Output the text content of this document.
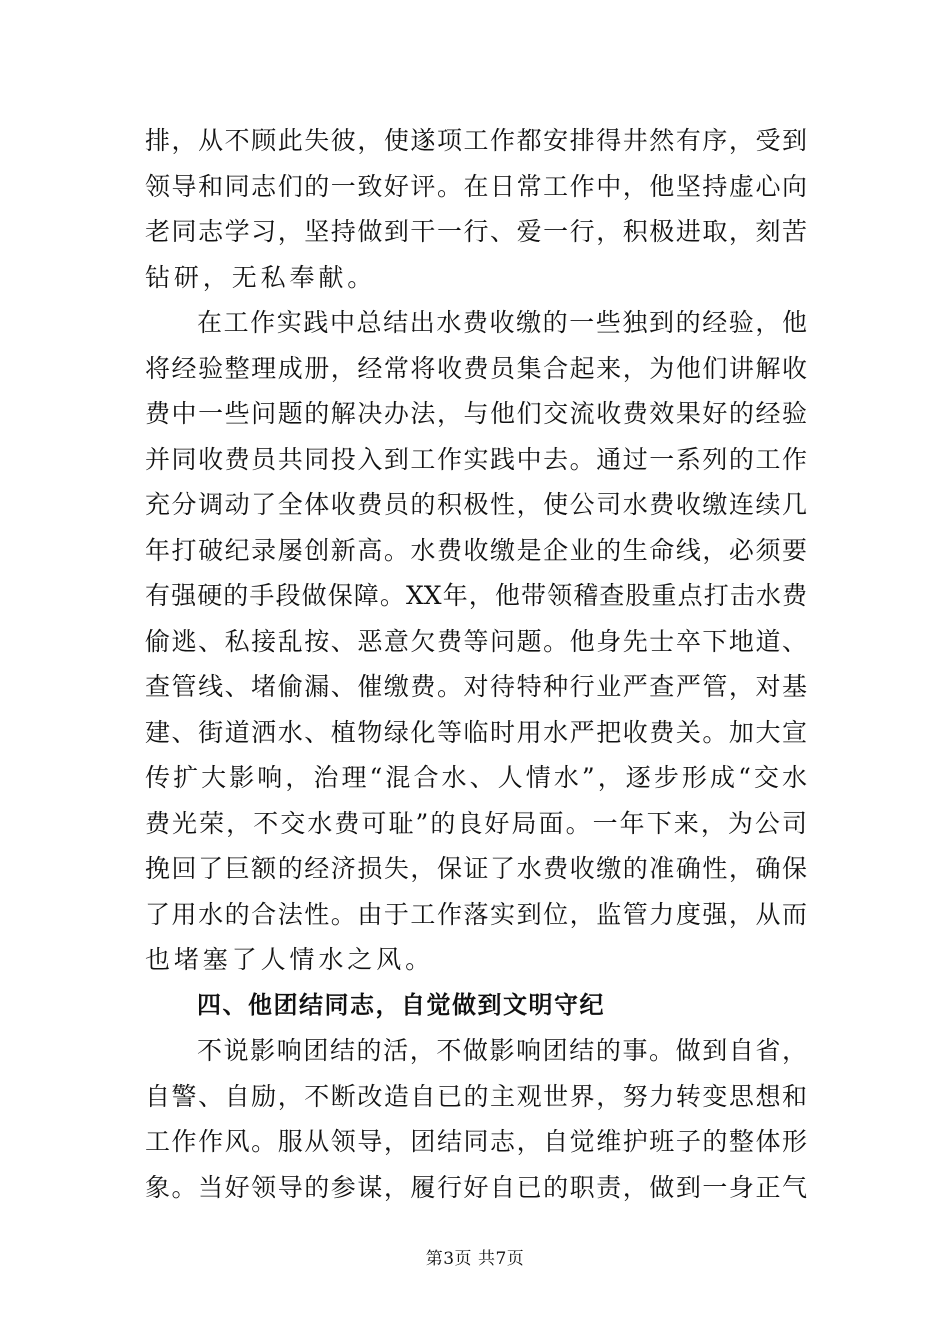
排，从不顾此失彼，使遂项工作都安排得井然有序，受到
领导和同志们的一致好评。在日常工作中，他坚持虚心向
老同志学习，坚持做到干一行、爱一行，积极进取，刻苦
钻研，无私奉献。
在工作实践中总结出水费收缴的一些独到的经验，他
将经验整理成册，经常将收费员集合起来，为他们讲解收
费中一些问题的解决办法，与他们交流收费效果好的经验
并同收费员共同投入到工作实践中去。通过一系列的工作
充分调动了全体收费员的积极性，使公司水费收缴连续几
年打破纪录屡创新高。水费收缴是企业的生命线，必须要
有强硬的手段做保障。XX年，他带领稽查股重点打击水费
偷逃、私接乱按、恶意欠费等问题。他身先士卒下地道、
查管线、堵偷漏、催缴费。对待特种行业严查严管，对基
建、街道洒水、植物绿化等临时用水严把收费关。加大宣
传扩大影响，治理“混合水、人情水”，逐步形成“交水
费光荣，不交水费可耻”的良好局面。一年下来，为公司
挽回了巨额的经济损失，保证了水费收缴的准确性，确保
了用水的合法性。由于工作落实到位，监管力度强，从而
也堵塞了人情水之风。
四、他团结同志，自觉做到文明守纪
不说影响团结的活，不做影响团结的事。做到自省，
自警、自励，不断改造自已的主观世界，努力转变思想和
工作作风。服从领导，团结同志，自觉维护班子的整体形
象。当好领导的参谋，履行好自已的职责，做到一身正气
第3页 共7页
